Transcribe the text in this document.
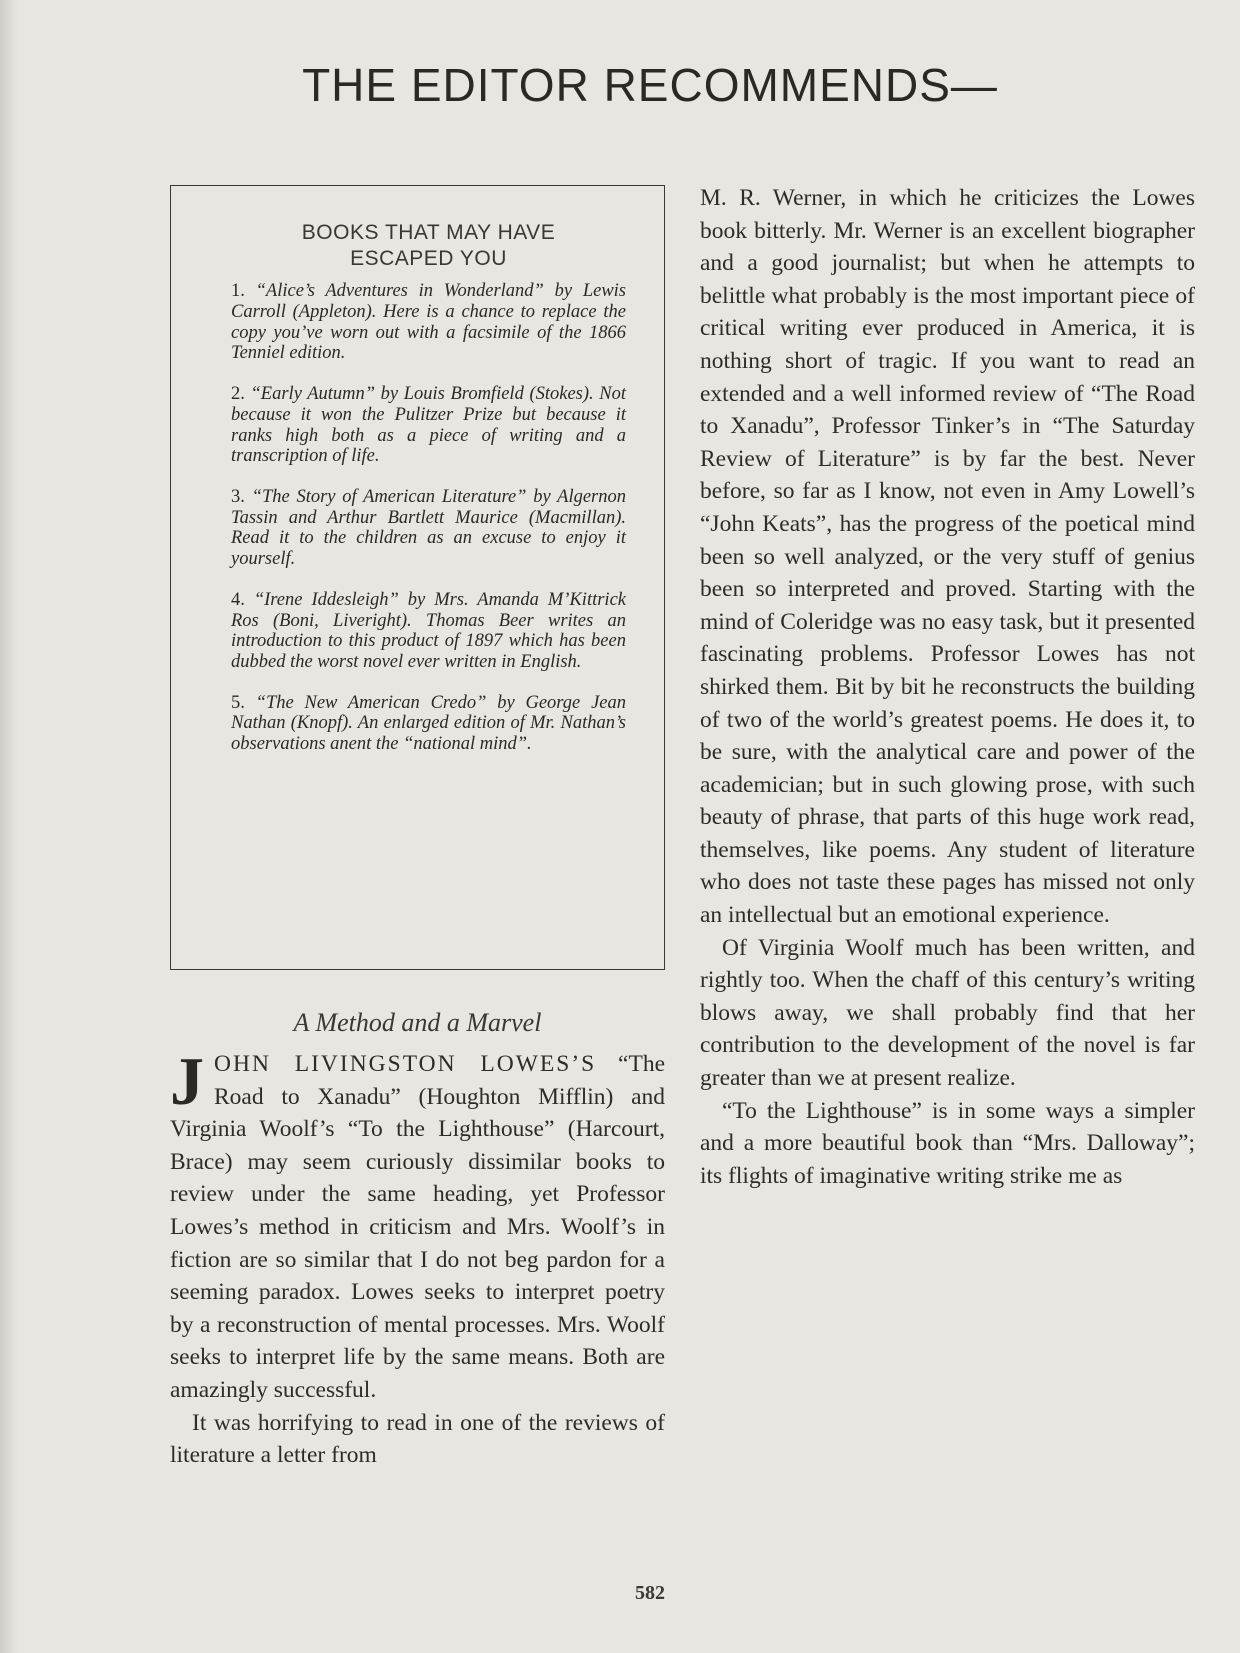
THE EDITOR RECOMMENDS—
BOOKS THAT MAY HAVE
ESCAPED YOU

1. “Alice’s Adventures in Wonderland” by Lewis Carroll (Appleton). Here is a chance to replace the copy you’ve worn out with a facsimile of the 1866 Tenniel edition.

2. “Early Autumn” by Louis Bromfield (Stokes). Not because it won the Pulitzer Prize but because it ranks high both as a piece of writing and a transcription of life.

3. “The Story of American Literature” by Algernon Tassin and Arthur Bartlett Maurice (Macmillan). Read it to the children as an excuse to enjoy it yourself.

4. “Irene Iddesleigh” by Mrs. Amanda M’Kittrick Ros (Boni, Liveright). Thomas Beer writes an introduction to this product of 1897 which has been dubbed the worst novel ever written in English.

5. “The New American Credo” by George Jean Nathan (Knopf). An enlarged edition of Mr. Nathan’s observations anent the “national mind”.

A Method and a Marvel

JOHN LIVINGSTON LOWES’S “The Road to Xanadu” (Houghton Mifflin) and Virginia Woolf’s “To the Lighthouse” (Harcourt, Brace) may seem curiously dissimilar books to review under the same heading, yet Professor Lowes’s method in criticism and Mrs. Woolf’s in fiction are so similar that I do not beg pardon for a seeming paradox. Lowes seeks to interpret poetry by a reconstruction of mental processes. Mrs. Woolf seeks to interpret life by the same means. Both are amazingly successful.

It was horrifying to read in one of the reviews of literature a letter from

M. R. Werner, in which he criticizes the Lowes book bitterly. Mr. Werner is an excellent biographer and a good journalist; but when he attempts to belittle what probably is the most important piece of critical writing ever produced in America, it is nothing short of tragic. If you want to read an extended and a well informed review of “The Road to Xanadu”, Professor Tinker’s in “The Saturday Review of Literature” is by far the best. Never before, so far as I know, not even in Amy Lowell’s “John Keats”, has the progress of the poetical mind been so well analyzed, or the very stuff of genius been so interpreted and proved. Starting with the mind of Coleridge was no easy task, but it presented fascinating problems. Professor Lowes has not shirked them. Bit by bit he reconstructs the building of two of the world’s greatest poems. He does it, to be sure, with the analytical care and power of the academician; but in such glowing prose, with such beauty of phrase, that parts of this huge work read, themselves, like poems. Any student of literature who does not taste these pages has missed not only an intellectual but an emotional experience.

Of Virginia Woolf much has been written, and rightly too. When the chaff of this century’s writing blows away, we shall probably find that her contribution to the development of the novel is far greater than we at present realize.

“To the Lighthouse” is in some ways a simpler and a more beautiful book than “Mrs. Dalloway”; its flights of imaginative writing strike me as

582
